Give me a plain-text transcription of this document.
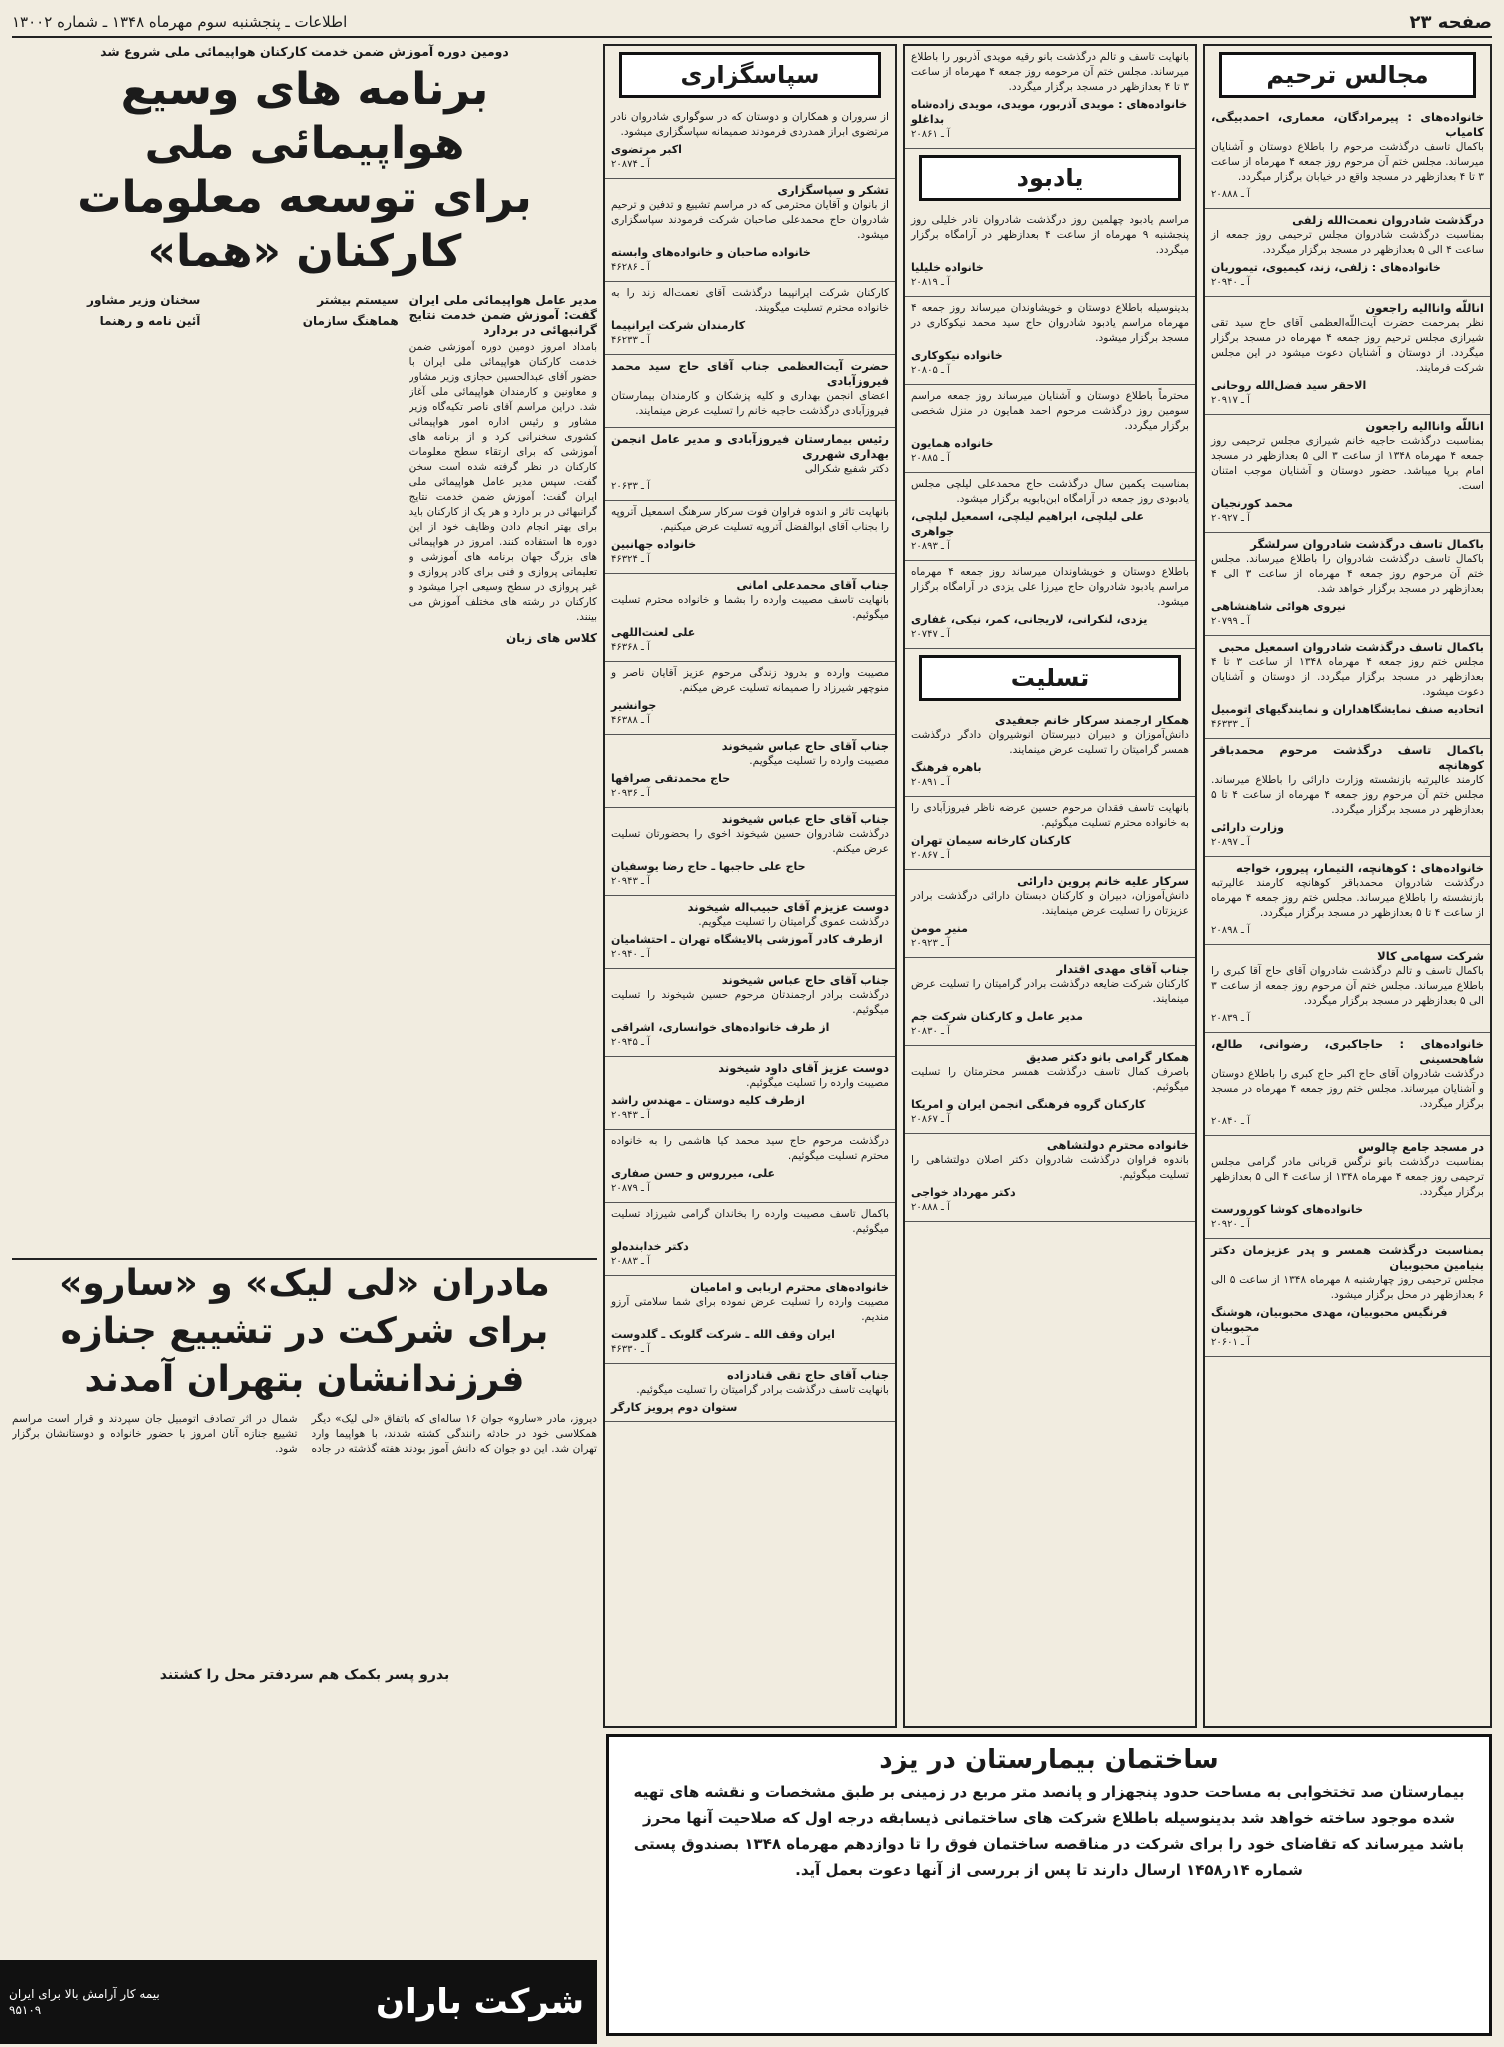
صفحه ۲۳
اطلاعات ـ پنجشنبه سوم مهرماه ۱۳۴۸ ـ شماره ۱۳۰۰۲
مجالس ترحیم
خانواده‌های : پیرمرادگان، معماری، احمدبیگی، کامیاب
باکمال تاسف درگذشت مرحوم را باطلاع دوستان و آشنایان میرساند. مجلس ختم آن مرحوم روز جمعه ۴ مهرماه از ساعت ۳ تا ۴ بعدازظهر در مسجد واقع در خیابان برگزار میگردد.
آ ـ ۲۰۸۸۸
درگذشت شادروان نعمت‌الله زلفی
بمناسبت درگذشت شادروان مجلس ترحیمی روز جمعه از ساعت ۴ الی ۵ بعدازظهر در مسجد برگزار میگردد.
خانواده‌های : زلفی، زند، کیمیوی، تیموریان
آ ـ ۲۰۹۴۰
اناللّه‌ واناالیه راجعون
نظر بمرحمت حضرت آیت‌اللّه‌العظمی آقای حاج سید تقی شیرازی مجلس ترحیم روز جمعه ۴ مهرماه در مسجد برگزار میگردد. از دوستان و آشنایان دعوت میشود در این مجلس شرکت فرمایند.
الاحقر سید فضل‌الله روحانی
آ ـ ۲۰۹۱۷
اناللّه‌ واناالیه راجعون
بمناسبت درگذشت حاجیه خانم شیرازی مجلس ترحیمی روز جمعه ۴ مهرماه ۱۳۴۸ از ساعت ۳ الی ۵ بعدازظهر در مسجد امام برپا میباشد. حضور دوستان و آشنایان موجب امتنان است.
محمد کورنجیان
آ ـ ۲۰۹۲۷
باکمال تاسف درگذشت شادروان سرلشگر
باکمال تاسف درگذشت شادروان را باطلاع میرساند. مجلس ختم آن مرحوم روز جمعه ۴ مهرماه از ساعت ۳ الی ۴ بعدازظهر در مسجد برگزار خواهد شد.
نیروی هوائی شاهنشاهی
آ ـ ۲۰۷۹۹
باکمال تاسف درگذشت شادروان اسمعیل محبی
مجلس ختم روز جمعه ۴ مهرماه ۱۳۴۸ از ساعت ۳ تا ۴ بعدازظهر در مسجد برگزار میگردد. از دوستان و آشنایان دعوت میشود.
اتحادیه صنف نمایشگاهداران و نمایندگیهای اتومبیل
آ ـ ۴۶۳۳۳
باکمال تاسف درگذشت مرحوم محمدباقر کوهانچه
کارمند عالیرتبه بازنشسته وزارت دارائی را باطلاع میرساند. مجلس ختم آن مرحوم روز جمعه ۴ مهرماه از ساعت ۴ تا ۵ بعدازظهر در مسجد برگزار میگردد.
وزارت دارائی
آ ـ ۲۰۸۹۷
خانواده‌های : کوهانچه، التیمار، پیرور، خواجه
درگذشت شادروان محمدباقر کوهانچه کارمند عالیرتبه بازنشسته را باطلاع میرساند. مجلس ختم روز جمعه ۴ مهرماه از ساعت ۴ تا ۵ بعدازظهر در مسجد برگزار میگردد.
آ ـ ۲۰۸۹۸
شرکت سهامی کالا
باکمال تاسف و تالم درگذشت شادروان آقای حاج آقا کبری را باطلاع میرساند. مجلس ختم آن مرحوم روز جمعه از ساعت ۳ الی ۵ بعدازظهر در مسجد برگزار میگردد.
آ ـ ۲۰۸۳۹
خانواده‌های : حاجاکبری، رضوانی، طالع، شاهحسینی
درگذشت شادروان آقای حاج اکبر حاج کبری را باطلاع دوستان و آشنایان میرساند. مجلس ختم روز جمعه ۴ مهرماه در مسجد برگزار میگردد.
آ ـ ۲۰۸۴۰
در مسجد جامع چالوس
بمناسبت درگذشت بانو نرگس قربانی مادر گرامی مجلس ترحیمی روز جمعه ۴ مهرماه ۱۳۴۸ از ساعت ۴ الی ۵ بعدازظهر برگزار میگردد.
خانواده‌های کوشا کورورست
آ ـ ۲۰۹۲۰
بمناسبت درگذشت همسر و پدر عزیزمان دکتر بنیامین محبوبیان
مجلس ترحیمی روز چهارشنبه ۸ مهرماه ۱۳۴۸ از ساعت ۵ الی ۶ بعدازظهر در محل برگزار میشود.
فرنگیس محبوبیان، مهدی محبوبیان، هوشنگ محبوبیان
آ ـ ۲۰۶۰۱
بانهایت تاسف و تالم درگذشت بانو رقیه مویدی آذربور را باطلاع میرساند. مجلس ختم آن مرحومه روز جمعه ۴ مهرماه از ساعت ۳ تا ۴ بعدازظهر در مسجد برگزار میگردد.
خانواده‌های : مویدی آذربور، مویدی، مویدی زاده‌شاه بداغلو
آ ـ ۲۰۸۶۱
یادبود
مراسم یادبود چهلمین روز درگذشت شادروان نادر خلیلی روز پنجشنبه ۹ مهرماه از ساعت ۴ بعدازظهر در آرامگاه برگزار میگردد.
خانواده خلیلیا
آ ـ ۲۰۸۱۹
بدینوسیله باطلاع دوستان و خویشاوندان میرساند روز جمعه ۴ مهرماه مراسم یادبود شادروان حاج سید محمد نیکوکاری در مسجد برگزار میشود.
خانواده نیکوکاری
آ ـ ۲۰۸۰۵
محترماً باطلاع دوستان و آشنایان میرساند روز جمعه مراسم سومین روز درگذشت مرحوم احمد همایون در منزل شخصی برگزار میگردد.
خانواده همایون
آ ـ ۲۰۸۸۵
بمناسبت یکمین سال درگذشت حاج محمدعلی لیلچی مجلس یادبودی روز جمعه در آرامگاه ابن‌بابویه برگزار میشود.
علی لیلچی، ابراهیم لیلچی، اسمعیل لیلچی، جواهری
آ ـ ۲۰۸۹۳
باطلاع دوستان و خویشاوندان میرساند روز جمعه ۴ مهرماه مراسم یادبود شادروان حاج میرزا علی یزدی در آرامگاه برگزار میشود.
یزدی، لنکرانی، لاریجانی، کمر، نیکی، غفاری
آ ـ ۲۰۷۴۷
تسلیت
همکار ارجمند سرکار خانم جعفیدی
دانش‌آموزان و دبیران دبیرستان انوشیروان دادگر درگذشت همسر گرامیتان را تسلیت عرض مینمایند.
باهره فرهنگ
آ ـ ۲۰۸۹۱
بانهایت تاسف فقدان مرحوم حسین عرضه ناظر فیروزآبادی را به خانواده محترم تسلیت میگوئیم.
کارکنان کارخانه سیمان تهران
آ ـ ۲۰۸۶۷
سرکار علیه خانم پروین دارائی
دانش‌آموزان، دبیران و کارکنان دبستان دارائی درگذشت برادر عزیزتان را تسلیت عرض مینمایند.
منیر مومن
آ ـ ۲۰۹۲۳
جناب آقای مهدی اقتدار
کارکنان شرکت ضایعه درگذشت برادر گرامیتان را تسلیت عرض مینمایند.
مدیر عامل و کارکنان شرکت جم
آ ـ ۲۰۸۳۰
همکار گرامی بانو دکتر صدیق
باصرف کمال تاسف درگذشت همسر محترمتان را تسلیت میگوئیم.
کارکنان گروه فرهنگی انجمن ایران و امریکا
آ ـ ۲۰۸۶۷
خانواده محترم دولتشاهی
باندوه فراوان درگذشت شادروان دکتر اصلان دولتشاهی را تسلیت میگوئیم.
دکتر مهرداد خواجی
آ ـ ۲۰۸۸۸
سپاسگزاری
از سروران و همکاران و دوستان که در سوگواری شادروان نادر مرتضوی ابراز همدردی فرمودند صمیمانه سپاسگزاری میشود.
اکبر مرتضوی
آ ـ ۲۰۸۷۴
تشکر و سپاسگزاری
از بانوان و آقایان محترمی که در مراسم تشییع و تدفین و ترحیم شادروان حاج محمدعلی صاحبان شرکت فرمودند سپاسگزاری میشود.
خانواده صاحبان و خانواده‌های وابسته
آ ـ ۴۶۲۸۶
کارکنان شرکت ایرانپیما درگذشت آقای نعمت‌اله زند را به خانواده محترم تسلیت میگویند.
کارمندان شرکت ایرانپیما
آ ـ ۴۶۲۳۳
حضرت آیت‌العظمی جناب آقای حاج سید محمد فیروزآبادی
اعضای انجمن بهداری و کلیه پزشکان و کارمندان بیمارستان فیروزآبادی درگذشت حاجیه خانم را تسلیت عرض مینمایند.
رئیس بیمارستان فیروزآبادی و مدیر عامل انجمن بهداری شهرری
دکتر شفیع شکرالی
آ ـ ۲۰۶۳۳
بانهایت تاثر و اندوه فراوان فوت سرکار سرهنگ اسمعیل آتروپه را بجناب آقای ابوالفضل آتروپه تسلیت عرض میکنیم.
خانواده جهانبین
آ ـ ۴۶۳۲۴
جناب آقای محمدعلی امانی
بانهایت تاسف مصیبت وارده را بشما و خانواده محترم تسلیت میگوئیم.
علی لعنت‌اللهی
آ ـ ۴۶۳۶۸
مصیبت وارده و بدرود زندگی مرحوم عزیز آقایان ناصر و منوچهر شیرزاد را صمیمانه تسلیت عرض میکنم.
جوانشیر
آ ـ ۴۶۳۸۸
جناب آقای حاج عباس شیخوند
مصیبت وارده را تسلیت میگویم.
حاج محمدتقی صرافها
آ ـ ۲۰۹۳۶
جناب آقای حاج عباس شیخوند
درگذشت شادروان حسین شیخوند اخوی را بحضورتان تسلیت عرض میکنم.
حاج علی حاجبها ـ حاج رضا یوسفیان
آ ـ ۲۰۹۴۳
دوست عزیزم آقای حبیب‌اله شیخوند
درگذشت عموی گرامیتان را تسلیت میگویم.
ازطرف کادر آموزشی پالایشگاه تهران ـ احتشامیان
آ ـ ۲۰۹۴۰
جناب آقای حاج عباس شیخوند
درگذشت برادر ارجمندتان مرحوم حسین شیخوند را تسلیت میگوئیم.
از طرف خانواده‌های خوانساری، اشراقی
آ ـ ۲۰۹۴۵
دوست عزیز آقای داود شیخوند
مصیبت وارده را تسلیت میگوئیم.
ازطرف کلیه دوستان ـ مهندس راشد
آ ـ ۲۰۹۴۳
درگذشت مرحوم حاج سید محمد کیا هاشمی را به خانواده محترم تسلیت میگوئیم.
علی، میرروس و حسن صفاری
آ ـ ۲۰۸۷۹
باکمال تاسف مصیبت وارده را بخاندان گرامی شیرزاد تسلیت میگوئیم.
دکتر خدابنده‌لو
آ ـ ۲۰۸۸۳
خانواده‌های محترم اربابی و امامیان
مصیبت وارده را تسلیت عرض نموده برای شما سلامتی آرزو مندیم.
ایران وقف الله ـ شرکت گلوبک ـ گلدوست
آ ـ ۴۶۳۳۰
جناب آقای حاج تقی قنادزاده
بانهایت تاسف درگذشت برادر گرامیتان را تسلیت میگوئیم.
ستوان دوم پرویز کارگر
ساختمان بیمارستان در یزد
بیمارستان صد تختخوابی به مساحت حدود پنجهزار و پانصد متر مربع در زمینی بر طبق مشخصات و نقشه های تهیه شده موجود ساخته خواهد شد بدینوسیله باطلاع شرکت های ساختمانی ذیسابقه درجه اول که صلاحیت آنها محرز باشد میرساند که تقاضای خود را برای شرکت در مناقصه ساختمان فوق را تا دوازدهم مهرماه ۱۳۴۸ بصندوق پستی شماره ۱۴ر۱۴۵۸ ارسال دارند تا پس از بررسی از آنها دعوت بعمل آید.
دومین دوره آموزش ضمن خدمت کارکنان هواپیمائی ملی شروع شد

برنامه های وسیع هواپیمائی ملی

برای توسعه معلومات کارکنان «هما»

مدیر عامل هواپیمائی ملی ایران گفت: آموزش ضمن خدمت نتایج گرانبهائی در بردارد
بامداد امروز دومین دوره آموزشی ضمن خدمت کارکنان هواپیمائی ملی ایران با حضور آقای عبدالحسین حجازی وزیر مشاور و معاونین و کارمندان هواپیمائی ملی آغاز شد. دراین مراسم آقای ناصر تکیه‌گاه وزیر مشاور و رئیس اداره امور هواپیمائی کشوری سخنرانی کرد و از برنامه های آموزشی که برای ارتقاء سطح معلومات کارکنان در نظر گرفته شده است سخن گفت. سپس مدیر عامل هواپیمائی ملی ایران گفت: آموزش ضمن خدمت نتایج گرانبهائی در بر دارد و هر یک از کارکنان باید برای بهتر انجام دادن وظایف خود از این دوره ها استفاده کنند. امروز در هواپیمائی های بزرگ جهان برنامه های آموزشی و تعلیماتی پروازی و فنی برای کادر پروازی و غیر پروازی در سطح وسیعی اجرا میشود و کارکنان در رشته های مختلف آموزش می بینند.
کلاس های زبان
سیستم بیشتر
هماهنگ سازمان
سخنان وزیر مشاور
آئین نامه و رهنما

مادران «لی لیک» و «سارو»

برای شرکت در تشییع جنازه

فرزندانشان بتهران آمدند

دیروز، مادر «سارو» جوان ۱۶ ساله‌ای که باتفاق «لی لیک» دیگر همکلاسی خود در حادثه رانندگی کشته شدند، با هواپیما وارد تهران شد. این دو جوان که دانش آموز بودند هفته گذشته در جاده شمال در اثر تصادف اتومبیل جان سپردند و قرار است مراسم تشییع جنازه آنان امروز با حضور خانواده و دوستانشان برگزار شود.
بدرو پسر بکمک هم سردفتر محل را کشتند
شرکت باران
بیمه کار آرامش بالا برای ایران
۹۵۱۰۹
